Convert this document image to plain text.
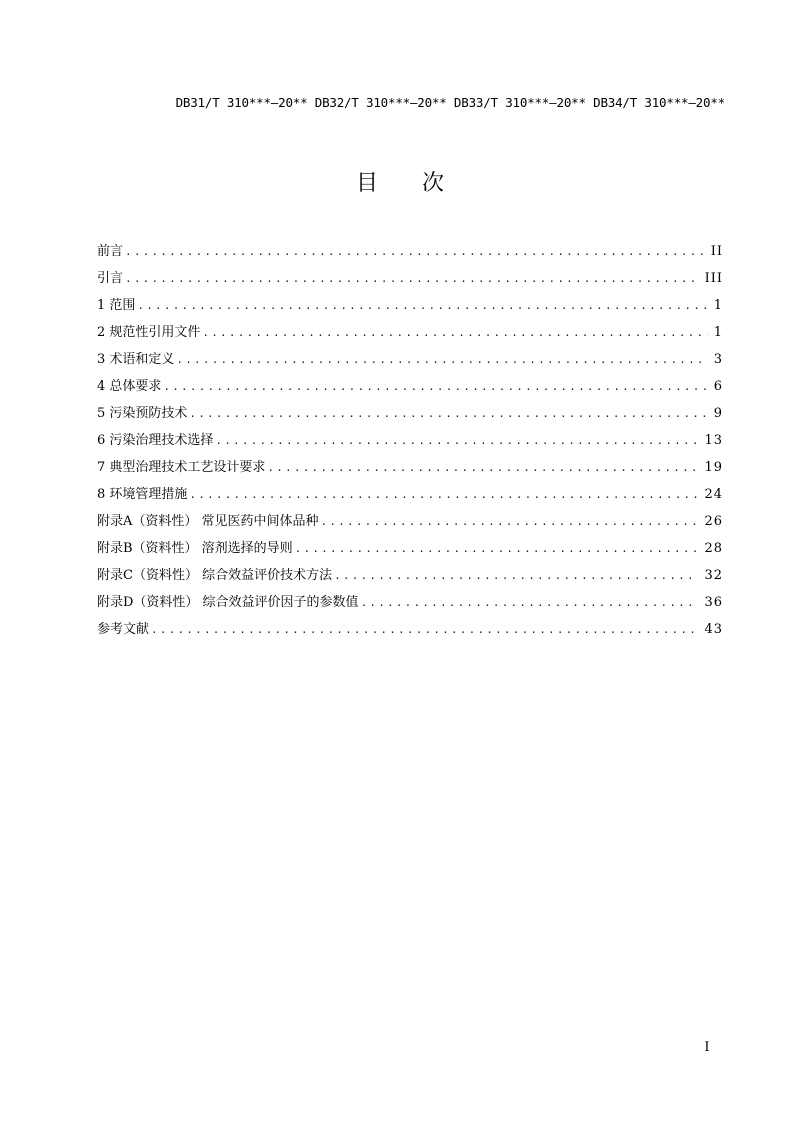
DB31/T 310***—20** DB32/T 310***—20** DB33/T 310***—20** DB34/T 310***—20**
目 次
前言 .....	II
引言 .....	III
1 范围 .....	1
2 规范性引用文件 .....	1
3 术语和定义 .....	3
4 总体要求 .....	6
5 污染预防技术 .....	9
6 污染治理技术选择 .....	13
7 典型治理技术工艺设计要求 .....	19
8 环境管理措施 .....	24
附录A（资料性） 常见医药中间体品种 .....	26
附录B（资料性） 溶剂选择的导则 .....	28
附录C（资料性） 综合效益评价技术方法 .....	32
附录D（资料性） 综合效益评价因子的参数值 .....	36
参考文献 .....	43
I
